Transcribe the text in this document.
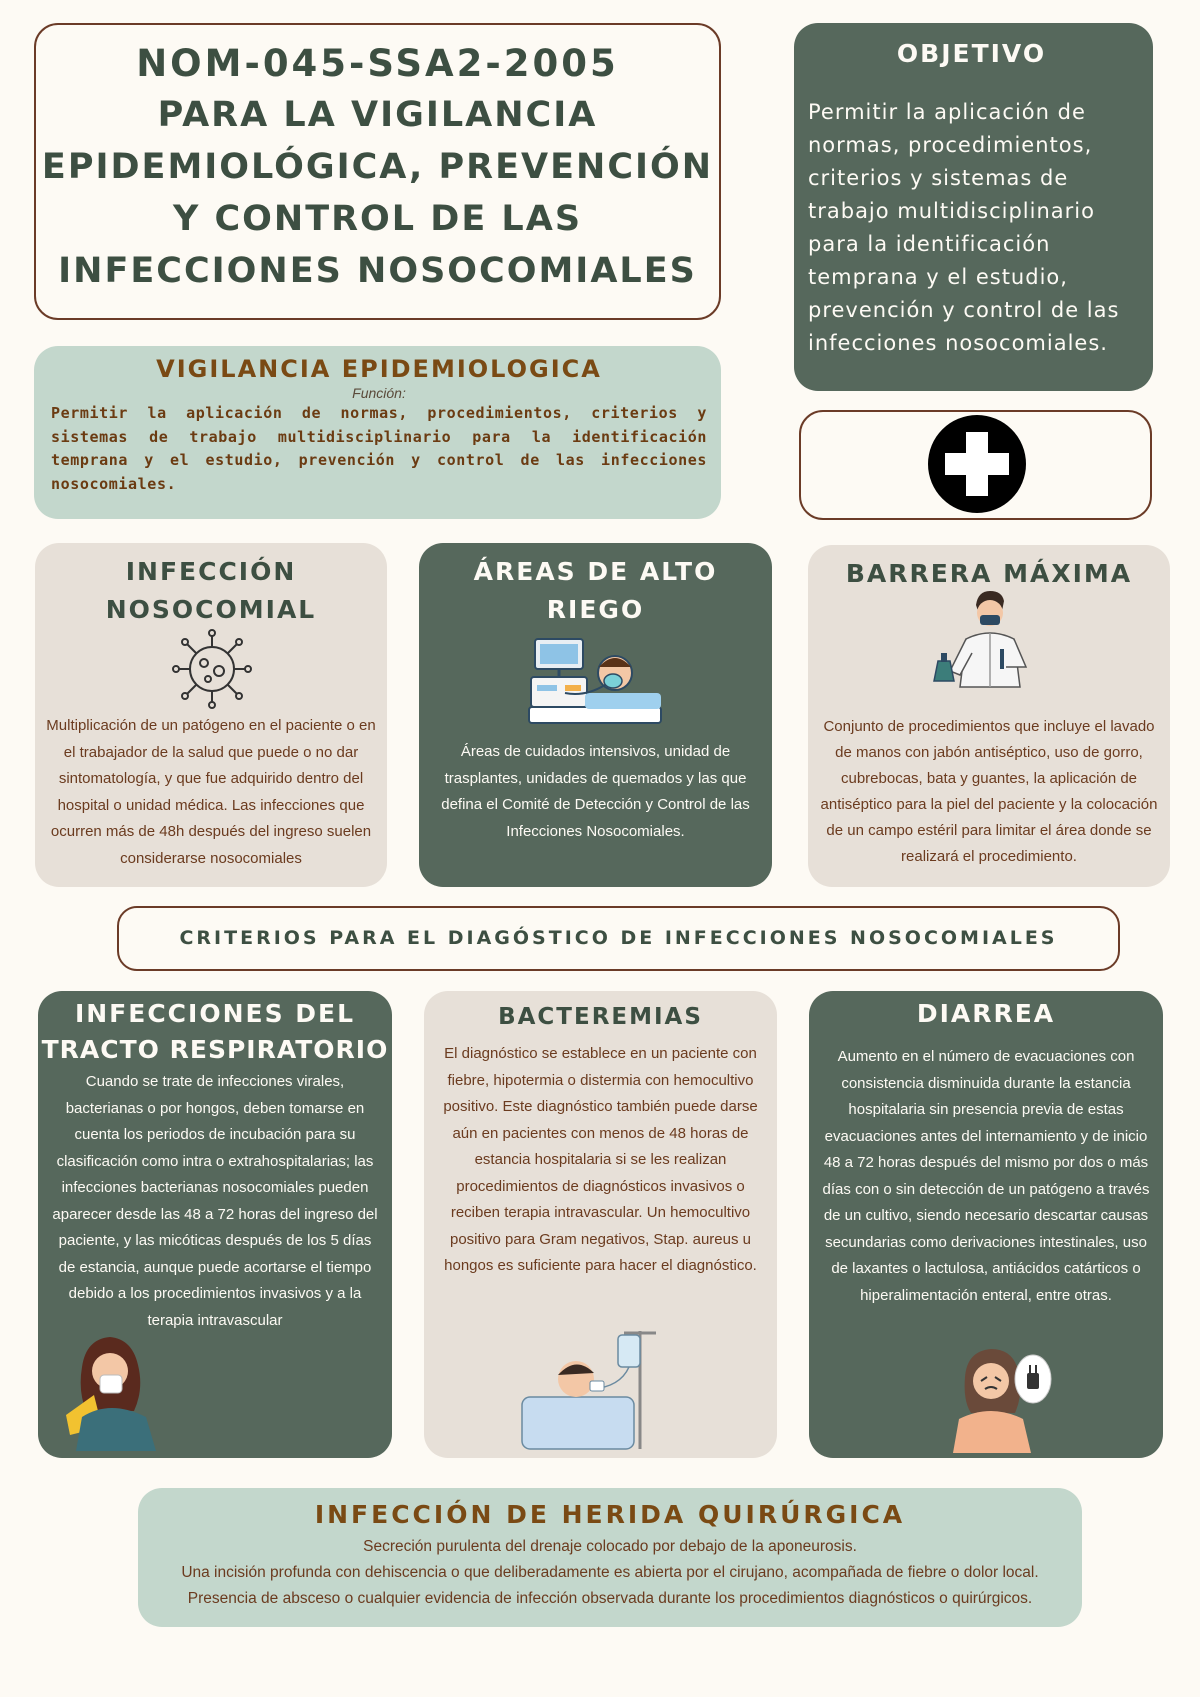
NOM-045-SSA2-2005
PARA LA VIGILANCIA
EPIDEMIOLÓGICA, PREVENCIÓN
Y CONTROL DE LAS
INFECCIONES NOSOCOMIALES
OBJETIVO
Permitir la aplicación de normas, procedimientos, criterios y sistemas de trabajo multidisciplinario para la identificación temprana y el estudio, prevención y control de las infecciones nosocomiales.
VIGILANCIA EPIDEMIOLOGICA
Función:
Permitir la aplicación de normas, procedimientos, criterios y sistemas de trabajo multidisciplinario para la identificación temprana y el estudio, prevención y control de las infecciones nosocomiales.
INFECCIÓN
NOSOCOMIAL
Multiplicación de un patógeno en el paciente o en el trabajador de la salud que puede o no dar sintomatología, y que fue adquirido dentro del hospital o unidad médica. Las infecciones que ocurren más de 48h después del ingreso suelen considerarse nosocomiales
ÁREAS DE ALTO
RIEGO
Áreas de cuidados intensivos, unidad de trasplantes, unidades de quemados y las que defina el Comité de Detección y Control de las Infecciones Nosocomiales.
BARRERA MÁXIMA
Conjunto de procedimientos que incluye el lavado de manos con jabón antiséptico, uso de gorro, cubrebocas, bata y guantes, la aplicación de antiséptico para la piel del paciente y la colocación de un campo estéril para limitar el área donde se realizará el procedimiento.
CRITERIOS PARA EL DIAGÓSTICO DE INFECCIONES NOSOCOMIALES
INFECCIONES DEL
TRACTO RESPIRATORIO
Cuando se trate de infecciones virales, bacterianas o por hongos, deben tomarse en cuenta los periodos de incubación para su clasificación como intra o extrahospitalarias; las infecciones bacterianas nosocomiales pueden aparecer desde las 48 a 72 horas del ingreso del paciente, y las micóticas después de los 5 días de estancia, aunque puede acortarse el tiempo debido a los procedimientos invasivos y a la terapia intravascular
BACTEREMIAS
El diagnóstico se establece en un paciente con fiebre, hipotermia o distermia con hemocultivo positivo. Este diagnóstico también puede darse aún en pacientes con menos de 48 horas de estancia hospitalaria si se les realizan procedimientos de diagnósticos invasivos o reciben terapia intravascular. Un hemocultivo positivo para Gram negativos, Stap. aureus u hongos es suficiente para hacer el diagnóstico.
DIARREA
Aumento en el número de evacuaciones con consistencia disminuida durante la estancia hospitalaria sin presencia previa de estas evacuaciones antes del internamiento y de inicio 48 a 72 horas después del mismo por dos o más días con o sin detección de un patógeno a través de un cultivo, siendo necesario descartar causas secundarias como derivaciones intestinales, uso de laxantes o lactulosa, antiácidos catárticos o hiperalimentación enteral, entre otras.
INFECCIÓN DE HERIDA QUIRÚRGICA
Secreción purulenta del drenaje colocado por debajo de la aponeurosis.
Una incisión profunda con dehiscencia o que deliberadamente es abierta por el cirujano, acompañada de fiebre o dolor local.
Presencia de absceso o cualquier evidencia de infección observada durante los procedimientos diagnósticos o quirúrgicos.
